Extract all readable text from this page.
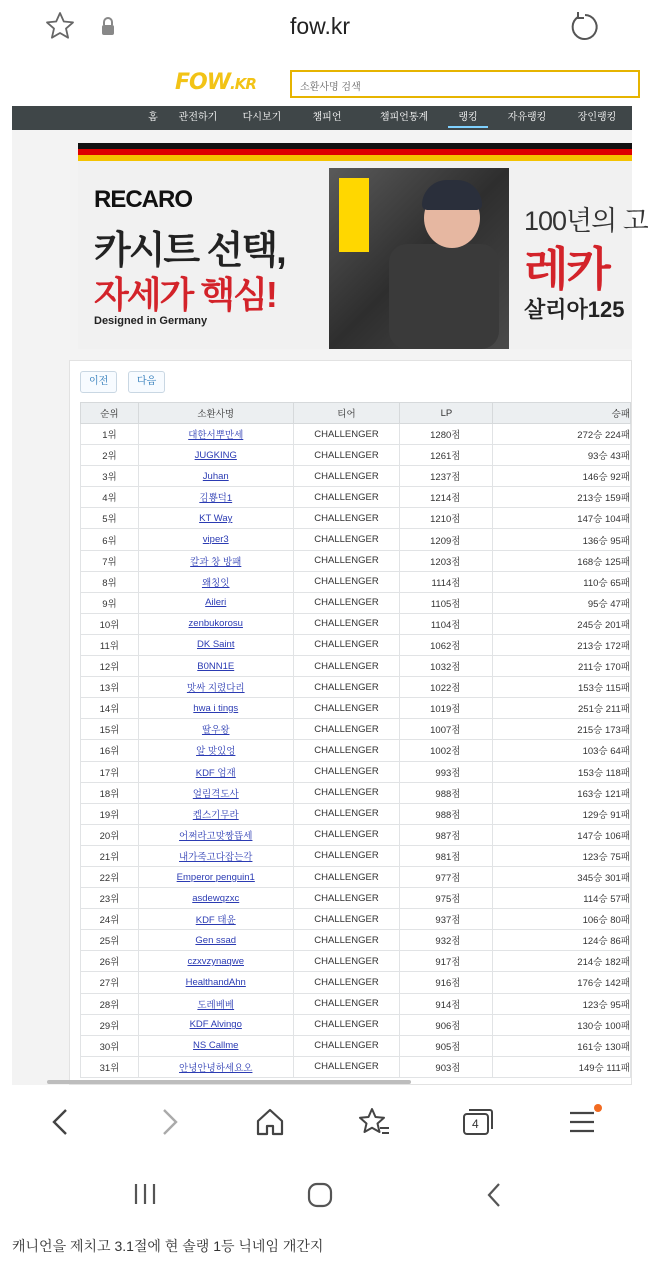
fow.kr
FOW.KR	소환사명 검색
홈	관전하기	다시보기	챔피언	챔피언통계	랭킹	자유랭킹	장인랭킹
RECARO
카시트 선택,
자세가 핵심!
Designed in Germany
100년의 고
레카
살리아125
이전	다음
순위	소환사명	티어	LP	승패
1위	대한서뿌만세	CHALLENGER	1280점	272승 224패
2위	JUGKING	CHALLENGER	1261점	93승 43패
3위	Juhan	CHALLENGER	1237점	146승 92패
4위	김뿅덕1	CHALLENGER	1214점	213승 159패
5위	KT Way	CHALLENGER	1210점	147승 104패
6위	viper3	CHALLENGER	1209점	136승 95패
7위	칼과 창 방패	CHALLENGER	1203점	168승 125패
8위	왜칭잇	CHALLENGER	1114점	110승 65패
9위	Aileri	CHALLENGER	1105점	95승 47패
10위	zenbukorosu	CHALLENGER	1104점	245승 201패
11위	DK Saint	CHALLENGER	1062점	213승 172패
12위	B0NN1E	CHALLENGER	1032점	211승 170패
13위	맛싸 지렸다리	CHALLENGER	1022점	153승 115패
14위	hwa i tings	CHALLENGER	1019점	251승 211패
15위	딸우왕	CHALLENGER	1007점	215승 173패
16위	알 맞있엉	CHALLENGER	1002점	103승 64패
17위	KDF 엄재	CHALLENGER	993점	153승 118패
18위	얼림격도사	CHALLENGER	988점	163승 121패
19위	켑스기무라	CHALLENGER	988점	129승 91패
20위	어쩌라고맞짱뜹세	CHALLENGER	987점	147승 106패
21위	내가죽고다잡는각	CHALLENGER	981점	123승 75패
22위	Emperor penguin1	CHALLENGER	977점	345승 301패
23위	asdewqzxc	CHALLENGER	975점	114승 57패
24위	KDF 태윤	CHALLENGER	937점	106승 80패
25위	Gen ssad	CHALLENGER	932점	124승 86패
26위	czxvzynaqwe	CHALLENGER	917점	214승 182패
27위	HealthandAhn	CHALLENGER	916점	176승 142패
28위	도레베베	CHALLENGER	914점	123승 95패
29위	KDF Alvingo	CHALLENGER	906점	130승 100패
30위	NS Callme	CHALLENGER	905점	161승 130패
31위	안녕안녕하세요오	CHALLENGER	903점	149승 111패
4
캐니언을 제치고 3.1절에 현 솔랭 1등 닉네임 개간지
